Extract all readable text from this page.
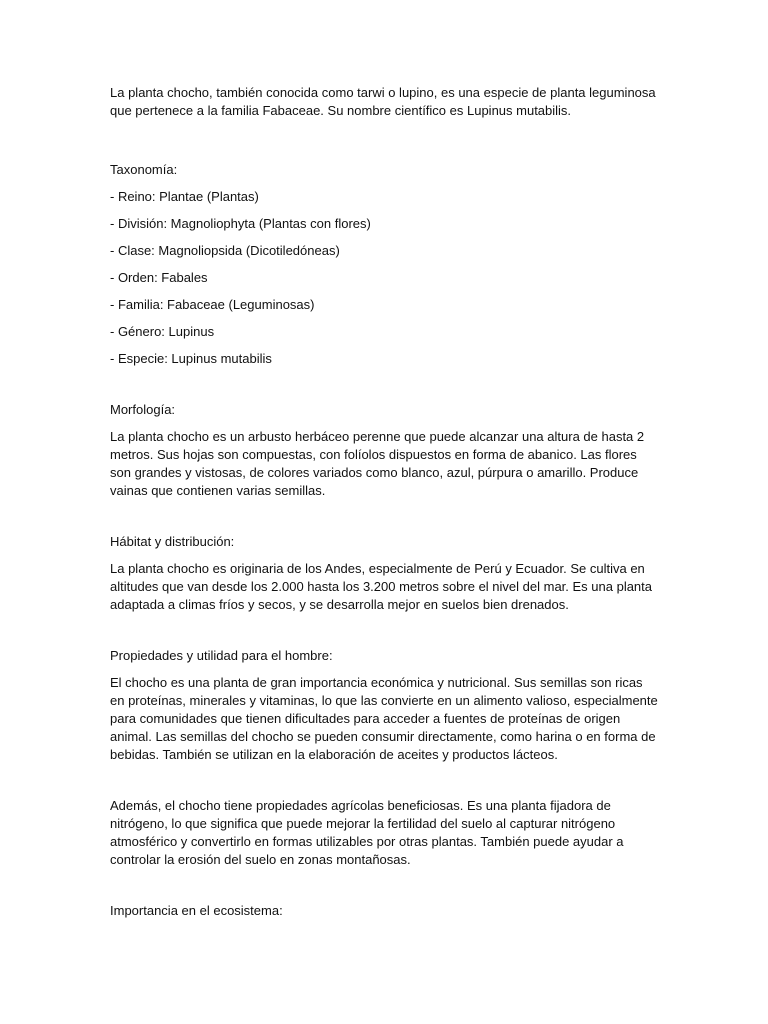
La planta chocho, también conocida como tarwi o lupino, es una especie de planta leguminosa que pertenece a la familia Fabaceae. Su nombre científico es Lupinus mutabilis.

Taxonomía:

- Reino: Plantae (Plantas)

- División: Magnoliophyta (Plantas con flores)

- Clase: Magnoliopsida (Dicotiledóneas)

- Orden: Fabales

- Familia: Fabaceae (Leguminosas)

- Género: Lupinus

- Especie: Lupinus mutabilis

Morfología:

La planta chocho es un arbusto herbáceo perenne que puede alcanzar una altura de hasta 2 metros. Sus hojas son compuestas, con folíolos dispuestos en forma de abanico. Las flores son grandes y vistosas, de colores variados como blanco, azul, púrpura o amarillo. Produce vainas que contienen varias semillas.

Hábitat y distribución:

La planta chocho es originaria de los Andes, especialmente de Perú y Ecuador. Se cultiva en altitudes que van desde los 2.000 hasta los 3.200 metros sobre el nivel del mar. Es una planta adaptada a climas fríos y secos, y se desarrolla mejor en suelos bien drenados.

Propiedades y utilidad para el hombre:

El chocho es una planta de gran importancia económica y nutricional. Sus semillas son ricas en proteínas, minerales y vitaminas, lo que las convierte en un alimento valioso, especialmente para comunidades que tienen dificultades para acceder a fuentes de proteínas de origen animal. Las semillas del chocho se pueden consumir directamente, como harina o en forma de bebidas. También se utilizan en la elaboración de aceites y productos lácteos.

Además, el chocho tiene propiedades agrícolas beneficiosas. Es una planta fijadora de nitrógeno, lo que significa que puede mejorar la fertilidad del suelo al capturar nitrógeno atmosférico y convertirlo en formas utilizables por otras plantas. También puede ayudar a controlar la erosión del suelo en zonas montañosas.

Importancia en el ecosistema:
